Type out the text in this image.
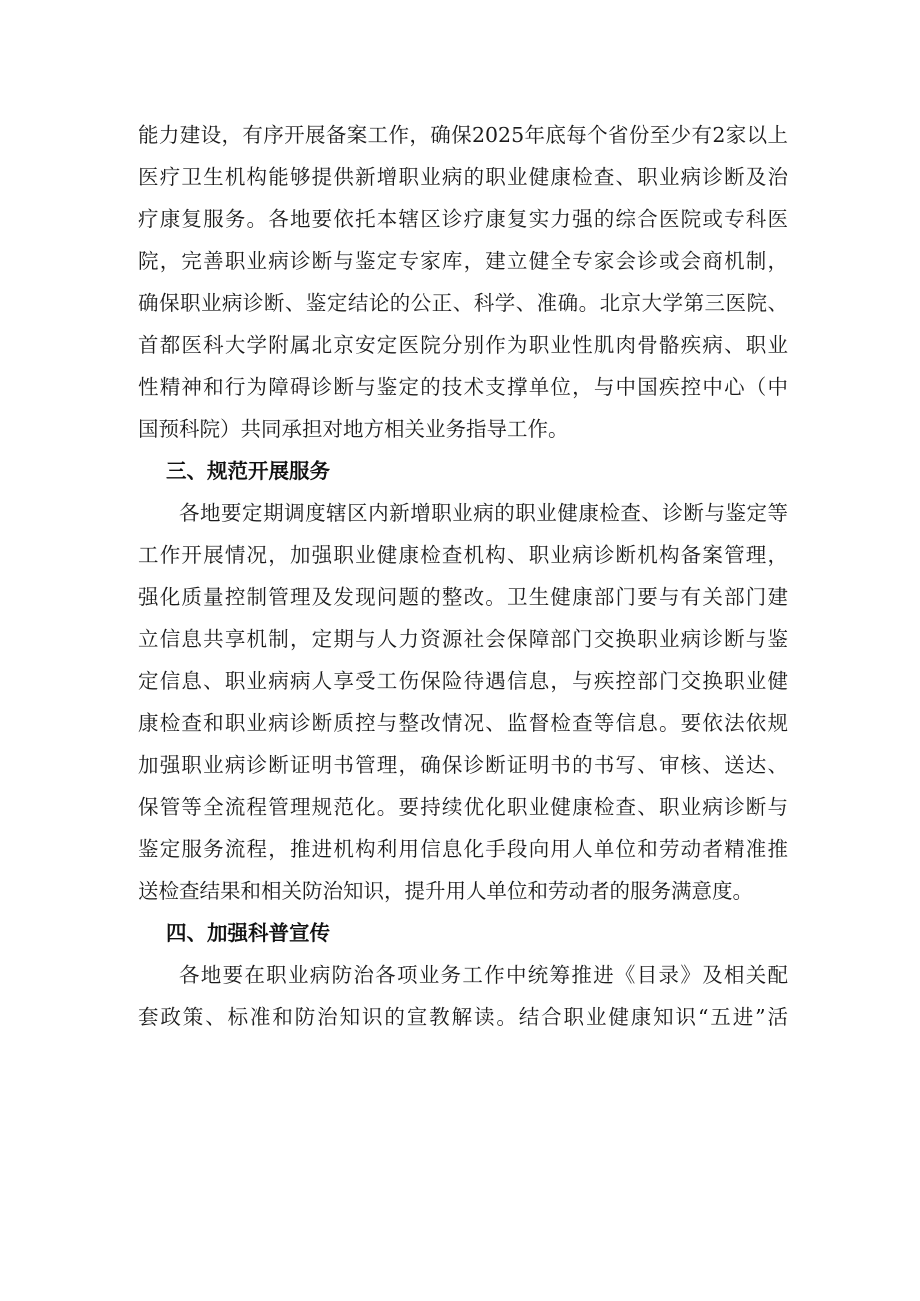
能力建设，有序开展备案工作，确保2025年底每个省份至少有2家以上
医疗卫生机构能够提供新增职业病的职业健康检查、职业病诊断及治
疗康复服务。各地要依托本辖区诊疗康复实力强的综合医院或专科医
院，完善职业病诊断与鉴定专家库，建立健全专家会诊或会商机制，
确保职业病诊断、鉴定结论的公正、科学、准确。北京大学第三医院、
首都医科大学附属北京安定医院分别作为职业性肌肉骨骼疾病、职业
性精神和行为障碍诊断与鉴定的技术支撑单位，与中国疾控中心（中
国预科院）共同承担对地方相关业务指导工作。
三、规范开展服务
各地要定期调度辖区内新增职业病的职业健康检查、诊断与鉴定等
工作开展情况，加强职业健康检查机构、职业病诊断机构备案管理，
强化质量控制管理及发现问题的整改。卫生健康部门要与有关部门建
立信息共享机制，定期与人力资源社会保障部门交换职业病诊断与鉴
定信息、职业病病人享受工伤保险待遇信息，与疾控部门交换职业健
康检查和职业病诊断质控与整改情况、监督检查等信息。要依法依规
加强职业病诊断证明书管理，确保诊断证明书的书写、审核、送达、
保管等全流程管理规范化。要持续优化职业健康检查、职业病诊断与
鉴定服务流程，推进机构利用信息化手段向用人单位和劳动者精准推
送检查结果和相关防治知识，提升用人单位和劳动者的服务满意度。
四、加强科普宣传
各地要在职业病防治各项业务工作中统筹推进《目录》及相关配
套政策、标准和防治知识的宣教解读。结合职业健康知识“五进”活
